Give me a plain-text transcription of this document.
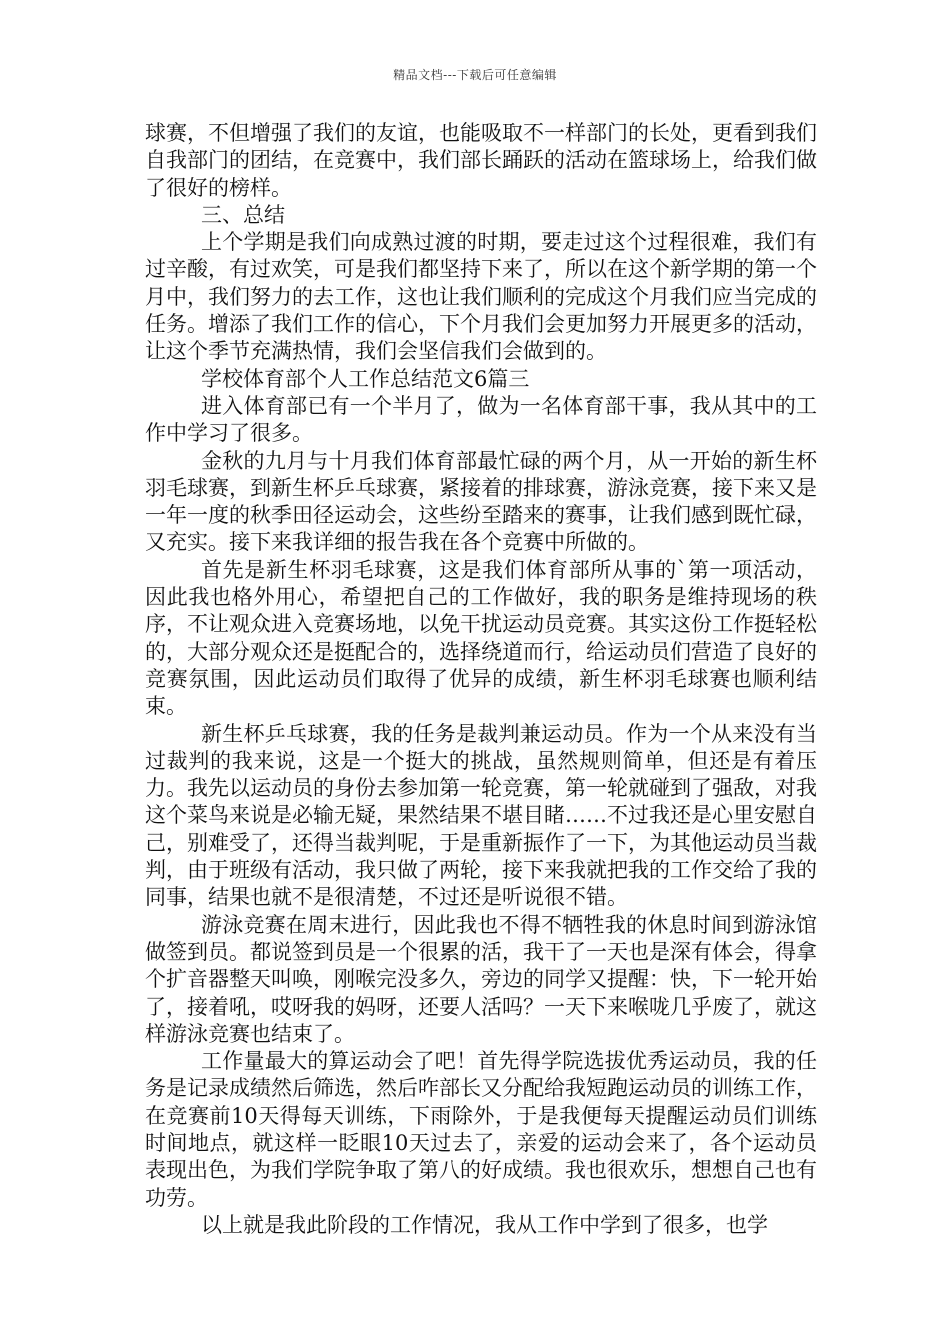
精品文档---下载后可任意编辑

球赛，不但增强了我们的友谊，也能吸取不一样部门的长处，更看到我们自我部门的团结，在竞赛中，我们部长踊跃的活动在篮球场上，给我们做了很好的榜样。

三、总结

上个学期是我们向成熟过渡的时期，要走过这个过程很难，我们有过辛酸，有过欢笑，可是我们都坚持下来了，所以在这个新学期的第一个月中，我们努力的去工作，这也让我们顺利的完成这个月我们应当完成的任务。增添了我们工作的信心，下个月我们会更加努力开展更多的活动，让这个季节充满热情，我们会坚信我们会做到的。

学校体育部个人工作总结范文6篇三

进入体育部已有一个半月了，做为一名体育部干事，我从其中的工作中学习了很多。

金秋的九月与十月我们体育部最忙碌的两个月，从一开始的新生杯羽毛球赛，到新生杯乒乓球赛，紧接着的排球赛，游泳竞赛，接下来又是一年一度的秋季田径运动会，这些纷至踏来的赛事，让我们感到既忙碌，又充实。接下来我详细的报告我在各个竞赛中所做的。

首先是新生杯羽毛球赛，这是我们体育部所从事的`第一项活动，因此我也格外用心，希望把自己的工作做好，我的职务是维持现场的秩序，不让观众进入竞赛场地，以免干扰运动员竞赛。其实这份工作挺轻松的，大部分观众还是挺配合的，选择绕道而行，给运动员们营造了良好的竞赛氛围，因此运动员们取得了优异的成绩，新生杯羽毛球赛也顺利结束。

新生杯乒乓球赛，我的任务是裁判兼运动员。作为一个从来没有当过裁判的我来说，这是一个挺大的挑战，虽然规则简单，但还是有着压力。我先以运动员的身份去参加第一轮竞赛，第一轮就碰到了强敌，对我这个菜鸟来说是必输无疑，果然结果不堪目睹……不过我还是心里安慰自己，别难受了，还得当裁判呢，于是重新振作了一下，为其他运动员当裁判，由于班级有活动，我只做了两轮，接下来我就把我的工作交给了我的同事，结果也就不是很清楚，不过还是听说很不错。

游泳竞赛在周末进行，因此我也不得不牺牲我的休息时间到游泳馆做签到员。都说签到员是一个很累的活，我干了一天也是深有体会，得拿个扩音器整天叫唤，刚喉完没多久，旁边的同学又提醒：快，下一轮开始了，接着吼，哎呀我的妈呀，还要人活吗？一天下来喉咙几乎废了，就这样游泳竞赛也结束了。

工作量最大的算运动会了吧！首先得学院选拔优秀运动员，我的任务是记录成绩然后筛选，然后咋部长又分配给我短跑运动员的训练工作，在竞赛前10天得每天训练，下雨除外，于是我便每天提醒运动员们训练时间地点，就这样一眨眼10天过去了，亲爱的运动会来了，各个运动员表现出色，为我们学院争取了第八的好成绩。我也很欢乐，想想自己也有功劳。

以上就是我此阶段的工作情况，我从工作中学到了很多，也学
